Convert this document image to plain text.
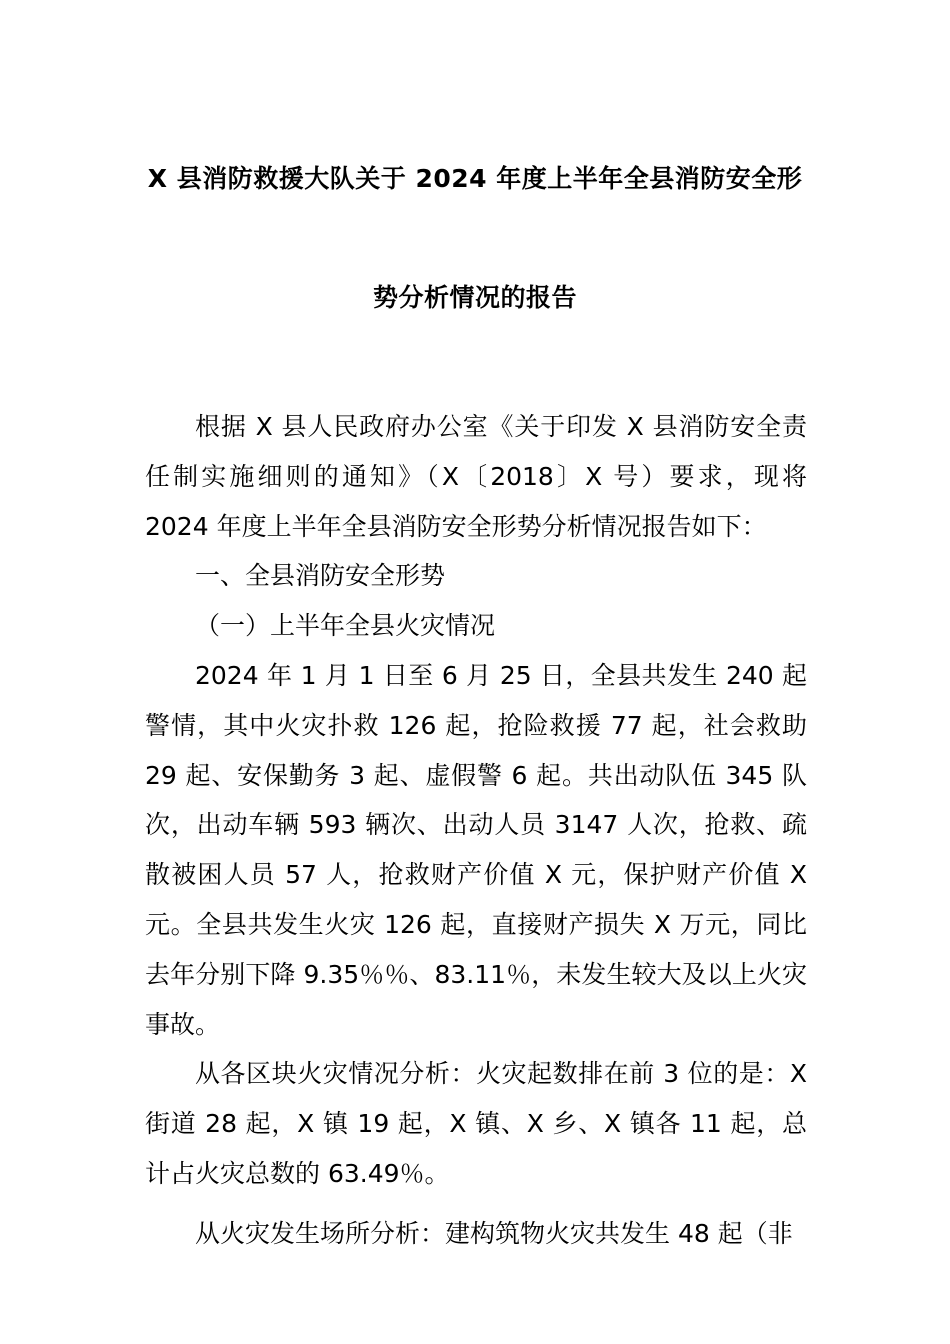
X 县消防救援大队关于 2024 年度上半年全县消防安全形
势分析情况的报告

根据 X 县人民政府办公室《关于印发 X 县消防安全责任制实施细则的通知》（X〔2018〕X 号）要求，现将 2024 年度上半年全县消防安全形势分析情况报告如下：

一、全县消防安全形势

（一）上半年全县火灾情况

2024 年 1 月 1 日至 6 月 25 日，全县共发生 240 起警情，其中火灾扑救 126 起，抢险救援 77 起，社会救助 29 起、安保勤务 3 起、虚假警 6 起。共出动队伍 345 队次，出动车辆 593 辆次、出动人员 3147 人次，抢救、疏散被困人员 57 人，抢救财产价值 X 元，保护财产价值 X 元。全县共发生火灾 126 起，直接财产损失 X 万元，同比去年分别下降 9.35％％、83.11％，未发生较大及以上火灾事故。

从各区块火灾情况分析：火灾起数排在前 3 位的是：X 街道 28 起，X 镇 19 起，X 镇、X 乡、X 镇各 11 起，总计占火灾总数的 63.49％。

从火灾发生场所分析：建构筑物火灾共发生 48 起（非
